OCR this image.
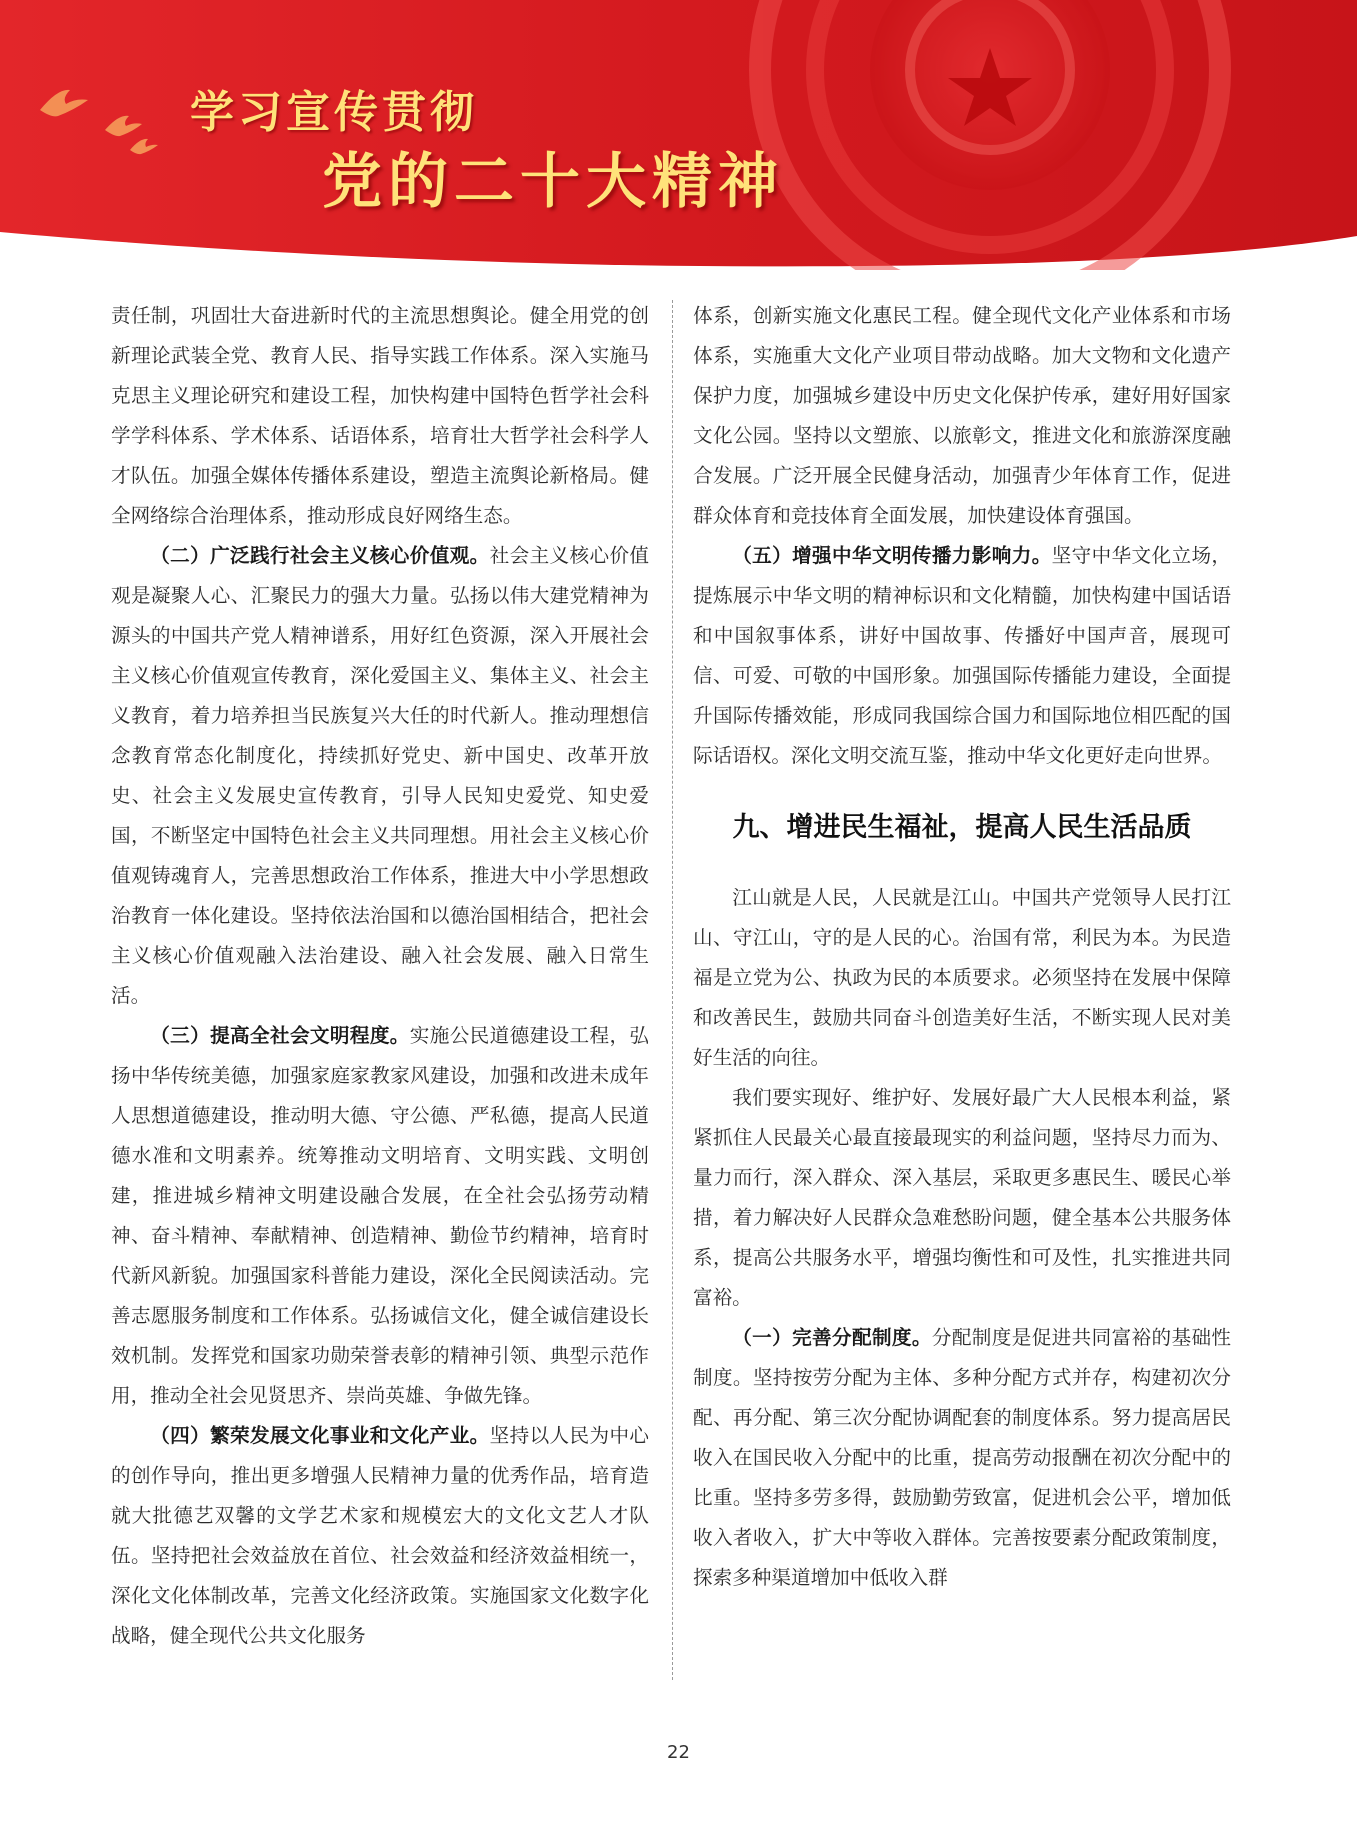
学习宣传贯彻
党的二十大精神

责任制，巩固壮大奋进新时代的主流思想舆论。健全用党的创新理论武装全党、教育人民、指导实践工作体系。深入实施马克思主义理论研究和建设工程，加快构建中国特色哲学社会科学学科体系、学术体系、话语体系，培育壮大哲学社会科学人才队伍。加强全媒体传播体系建设，塑造主流舆论新格局。健全网络综合治理体系，推动形成良好网络生态。

（二）广泛践行社会主义核心价值观。社会主义核心价值观是凝聚人心、汇聚民力的强大力量。弘扬以伟大建党精神为源头的中国共产党人精神谱系，用好红色资源，深入开展社会主义核心价值观宣传教育，深化爱国主义、集体主义、社会主义教育，着力培养担当民族复兴大任的时代新人。推动理想信念教育常态化制度化，持续抓好党史、新中国史、改革开放史、社会主义发展史宣传教育，引导人民知史爱党、知史爱国，不断坚定中国特色社会主义共同理想。用社会主义核心价值观铸魂育人，完善思想政治工作体系，推进大中小学思想政治教育一体化建设。坚持依法治国和以德治国相结合，把社会主义核心价值观融入法治建设、融入社会发展、融入日常生活。

（三）提高全社会文明程度。实施公民道德建设工程，弘扬中华传统美德，加强家庭家教家风建设，加强和改进未成年人思想道德建设，推动明大德、守公德、严私德，提高人民道德水准和文明素养。统筹推动文明培育、文明实践、文明创建，推进城乡精神文明建设融合发展，在全社会弘扬劳动精神、奋斗精神、奉献精神、创造精神、勤俭节约精神，培育时代新风新貌。加强国家科普能力建设，深化全民阅读活动。完善志愿服务制度和工作体系。弘扬诚信文化，健全诚信建设长效机制。发挥党和国家功勋荣誉表彰的精神引领、典型示范作用，推动全社会见贤思齐、崇尚英雄、争做先锋。

（四）繁荣发展文化事业和文化产业。坚持以人民为中心的创作导向，推出更多增强人民精神力量的优秀作品，培育造就大批德艺双馨的文学艺术家和规模宏大的文化文艺人才队伍。坚持把社会效益放在首位、社会效益和经济效益相统一，深化文化体制改革，完善文化经济政策。实施国家文化数字化战略，健全现代公共文化服务

体系，创新实施文化惠民工程。健全现代文化产业体系和市场体系，实施重大文化产业项目带动战略。加大文物和文化遗产保护力度，加强城乡建设中历史文化保护传承，建好用好国家文化公园。坚持以文塑旅、以旅彰文，推进文化和旅游深度融合发展。广泛开展全民健身活动，加强青少年体育工作，促进群众体育和竞技体育全面发展，加快建设体育强国。

（五）增强中华文明传播力影响力。坚守中华文化立场，提炼展示中华文明的精神标识和文化精髓，加快构建中国话语和中国叙事体系，讲好中国故事、传播好中国声音，展现可信、可爱、可敬的中国形象。加强国际传播能力建设，全面提升国际传播效能，形成同我国综合国力和国际地位相匹配的国际话语权。深化文明交流互鉴，推动中华文化更好走向世界。

九、增进民生福祉，提高人民生活品质

江山就是人民，人民就是江山。中国共产党领导人民打江山、守江山，守的是人民的心。治国有常，利民为本。为民造福是立党为公、执政为民的本质要求。必须坚持在发展中保障和改善民生，鼓励共同奋斗创造美好生活，不断实现人民对美好生活的向往。

我们要实现好、维护好、发展好最广大人民根本利益，紧紧抓住人民最关心最直接最现实的利益问题，坚持尽力而为、量力而行，深入群众、深入基层，采取更多惠民生、暖民心举措，着力解决好人民群众急难愁盼问题，健全基本公共服务体系，提高公共服务水平，增强均衡性和可及性，扎实推进共同富裕。

（一）完善分配制度。分配制度是促进共同富裕的基础性制度。坚持按劳分配为主体、多种分配方式并存，构建初次分配、再分配、第三次分配协调配套的制度体系。努力提高居民收入在国民收入分配中的比重，提高劳动报酬在初次分配中的比重。坚持多劳多得，鼓励勤劳致富，促进机会公平，增加低收入者收入，扩大中等收入群体。完善按要素分配政策制度，探索多种渠道增加中低收入群

22
